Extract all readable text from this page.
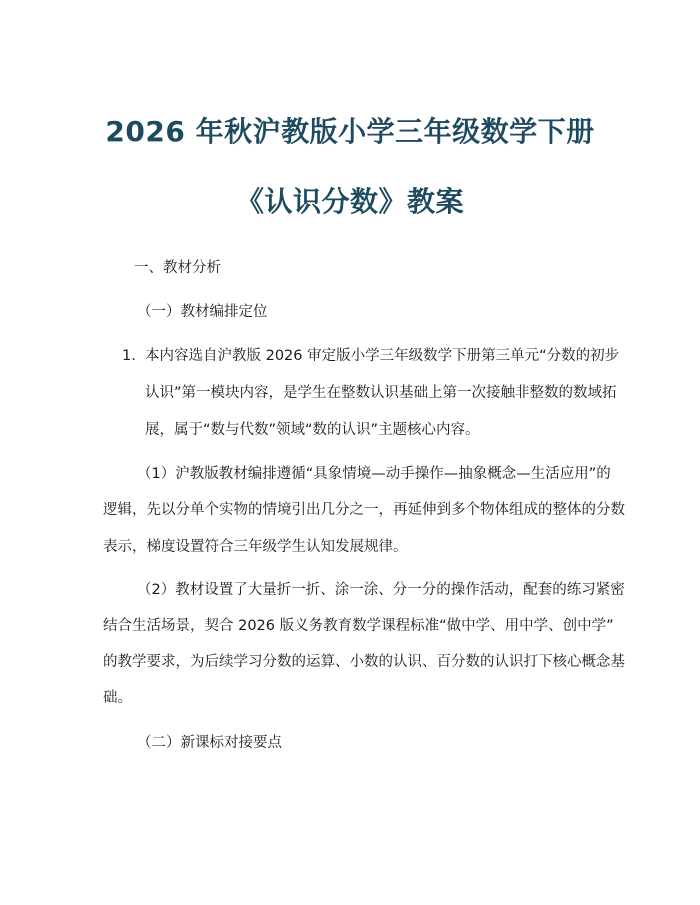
2026 年秋沪教版小学三年级数学下册
《认识分数》教案
一、教材分析
（一）教材编排定位
1. 本内容选自沪教版 2026 审定版小学三年级数学下册第三单元“分数的初步
认识”第一模块内容，是学生在整数认识基础上第一次接触非整数的数域拓
展，属于“数与代数”领域“数的认识”主题核心内容。
（1）沪教版教材编排遵循“具象情境—动手操作—抽象概念—生活应用”的
逻辑，先以分单个实物的情境引出几分之一，再延伸到多个物体组成的整体的分数
表示，梯度设置符合三年级学生认知发展规律。
（2）教材设置了大量折一折、涂一涂、分一分的操作活动，配套的练习紧密
结合生活场景，契合 2026 版义务教育数学课程标准“做中学、用中学、创中学”
的教学要求，为后续学习分数的运算、小数的认识、百分数的认识打下核心概念基
础。
（二）新课标对接要点
